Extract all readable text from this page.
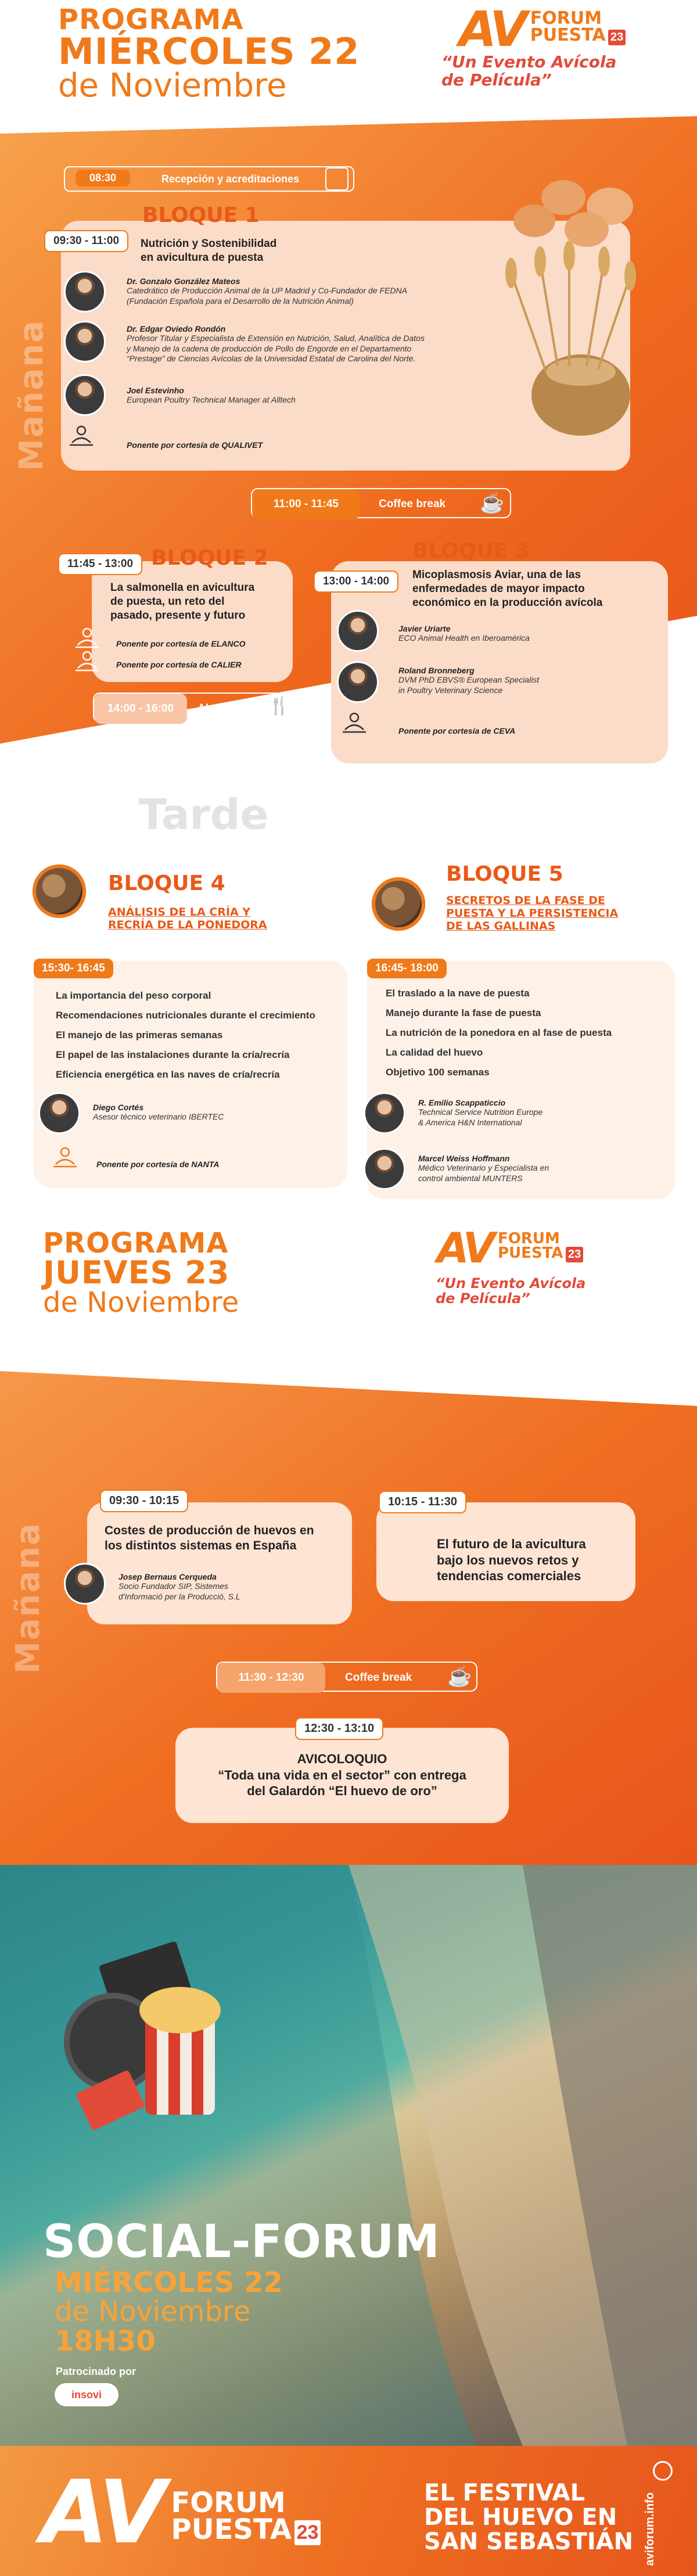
PROGRAMA
MIÉRCOLES 22
de Noviembre
AV FORUM
PUESTA 23
“Un Evento Avícola
de Película”
Mañana
08:30	Recepción y acreditaciones
BLOQUE 1
09:30 - 11:00	Nutrición y Sostenibilidad
en avicultura de puesta
Dr. Gonzalo González Mateos
Catedrático de Producción Animal de la UP Madrid y Co-Fundador de FEDNA
(Fundación Española para el Desarrollo de la Nutrición Animal)
Dr. Edgar Oviedo Rondón
Profesor Titular y Especialista de Extensión en Nutrición, Salud, Analítica de Datos
y Manejo de la cadena de producción de Pollo de Engorde en el Departamento
“Prestage” de Ciencias Avícolas de la Universidad Estatal de Carolina del Norte.
Joel Estevinho
European Poultry Technical Manager at Alltech
Ponente por cortesía de QUALIVET
11:00 - 11:45	Coffee break ☕
BLOQUE 2
11:45 - 13:00
La salmonella en avicultura
de puesta, un reto del
pasado, presente y futuro
Ponente por cortesía de ELANCO
Ponente por cortesía de CALIER
14:00 - 16:00	Almuerzo 🍴
BLOQUE 3
13:00 - 14:00
Micoplasmosis Aviar, una de las
enfermedades de mayor impacto
económico en la producción avícola
Javier Uriarte
ECO Animal Health en Iberoamérica
Roland Bronneberg
DVM PhD EBVS® European Specialist
in Poultry Veterinary Science
Ponente por cortesía de CEVA
Tarde
BLOQUE 4
ANÁLISIS DE LA CRÍA Y
RECRÍA DE LA PONEDORA
15:30- 16:45
La importancia del peso corporal
Recomendaciones nutricionales durante el crecimiento
El manejo de las primeras semanas
El papel de las instalaciones durante la cría/recría
Eficiencia energética en las naves de cría/recría
Diego Cortés
Asesor técnico veterinario IBERTEC
Ponente por cortesía de NANTA
BLOQUE 5
SECRETOS DE LA FASE DE
PUESTA Y LA PERSISTENCIA
DE LAS GALLINAS
16:45- 18:00
El traslado a la nave de puesta
Manejo durante la fase de puesta
La nutrición de la ponedora en al fase de puesta
La calidad del huevo
Objetivo 100 semanas
R. Emilio Scappaticcio
Technical Service Nutrition Europe
& America H&N International
Marcel Weiss Hoffmann
Médico Veterinario y Especialista en
control ambiental MUNTERS
PROGRAMA
JUEVES 23
de Noviembre
AV FORUM
PUESTA 23
“Un Evento Avícola
de Película”
Mañana
09:30 - 10:15
Costes de producción de huevos en
los distintos sistemas en España
Josep Bernaus Cerqueda
Socio Fundador SIP, Sistemes
d'Informació per la Producció, S.L
10:15 - 11:30
El futuro de la avicultura
bajo los nuevos retos y
tendencias comerciales
11:30 - 12:30	Coffee break ☕
12:30 - 13:10
AVICOLOQUIO
“Toda una vida en el sector” con entrega
del Galardón “El huevo de oro”
SOCIAL-FORUM
MIÉRCOLES 22
de Noviembre
18H30
Patrocinado por
insovi
AV FORUM
PUESTA 23
EL FESTIVAL
DEL HUEVO EN
SAN SEBASTIÁN aviforum.info
